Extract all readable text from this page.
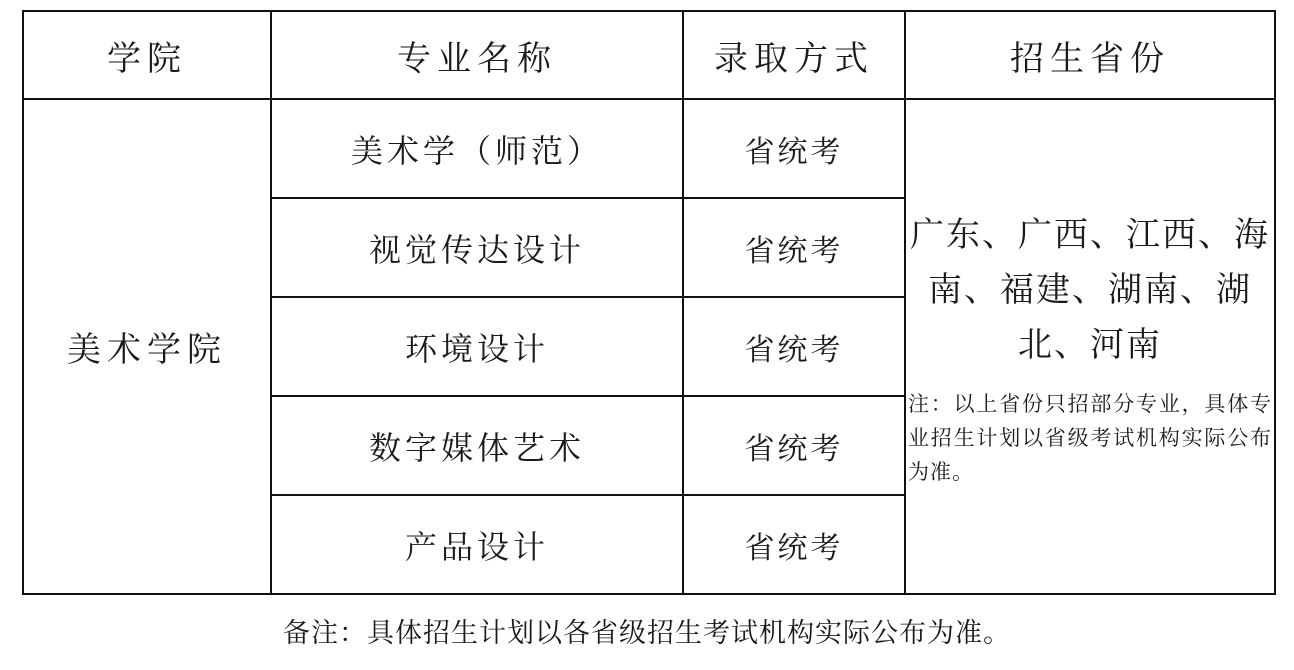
学院	专业名称	录取方式	招生省份
美术学院	美术学（师范）	省统考	广东、广西、江西、海南、福建、湖南、湖北、河南
注：以上省份只招部分专业，具体专业招生计划以省级考试机构实际公布为准。

	视觉传达设计	省统考	
	环境设计	省统考	
	数字媒体艺术	省统考	
	产品设计	省统考	

备注：具体招生计划以各省级招生考试机构实际公布为准。
